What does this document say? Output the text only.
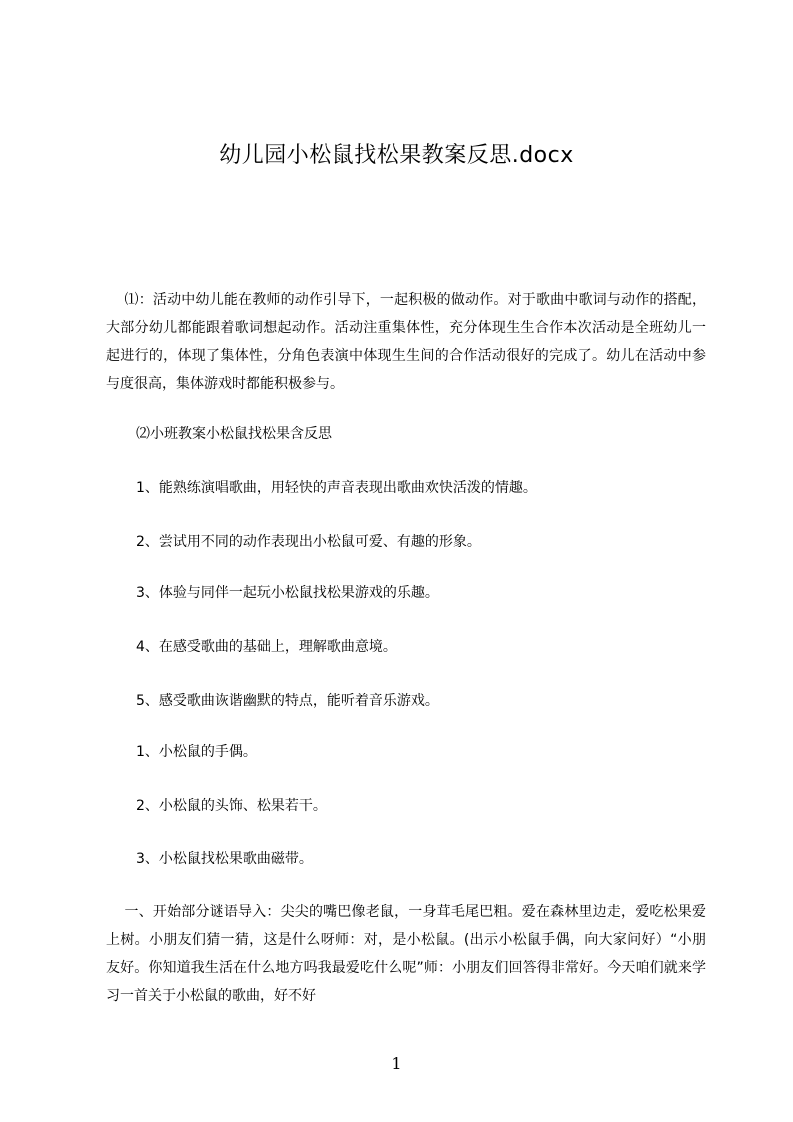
幼儿园小松鼠找松果教案反思.docx
⑴：活动中幼儿能在教师的动作引导下，一起积极的做动作。对于歌曲中歌词与动作的搭配，大部分幼儿都能跟着歌词想起动作。活动注重集体性，充分体现生生合作本次活动是全班幼儿一起进行的，体现了集体性，分角色表演中体现生生间的合作活动很好的完成了。幼儿在活动中参与度很高，集体游戏时都能积极参与。
⑵小班教案小松鼠找松果含反思
1、能熟练演唱歌曲，用轻快的声音表现出歌曲欢快活泼的情趣。
2、尝试用不同的动作表现出小松鼠可爱、有趣的形象。
3、体验与同伴一起玩小松鼠找松果游戏的乐趣。
4、在感受歌曲的基础上，理解歌曲意境。
5、感受歌曲诙谐幽默的特点，能听着音乐游戏。
1、小松鼠的手偶。
2、小松鼠的头饰、松果若干。
3、小松鼠找松果歌曲磁带。
一、开始部分谜语导入：尖尖的嘴巴像老鼠，一身茸毛尾巴粗。爱在森林里边走，爱吃松果爱上树。小朋友们猜一猜，这是什么呀师：对，是小松鼠。(出示小松鼠手偶，向大家问好）“小朋友好。你知道我生活在什么地方吗我最爱吃什么呢”师：小朋友们回答得非常好。今天咱们就来学习一首关于小松鼠的歌曲，好不好
1
